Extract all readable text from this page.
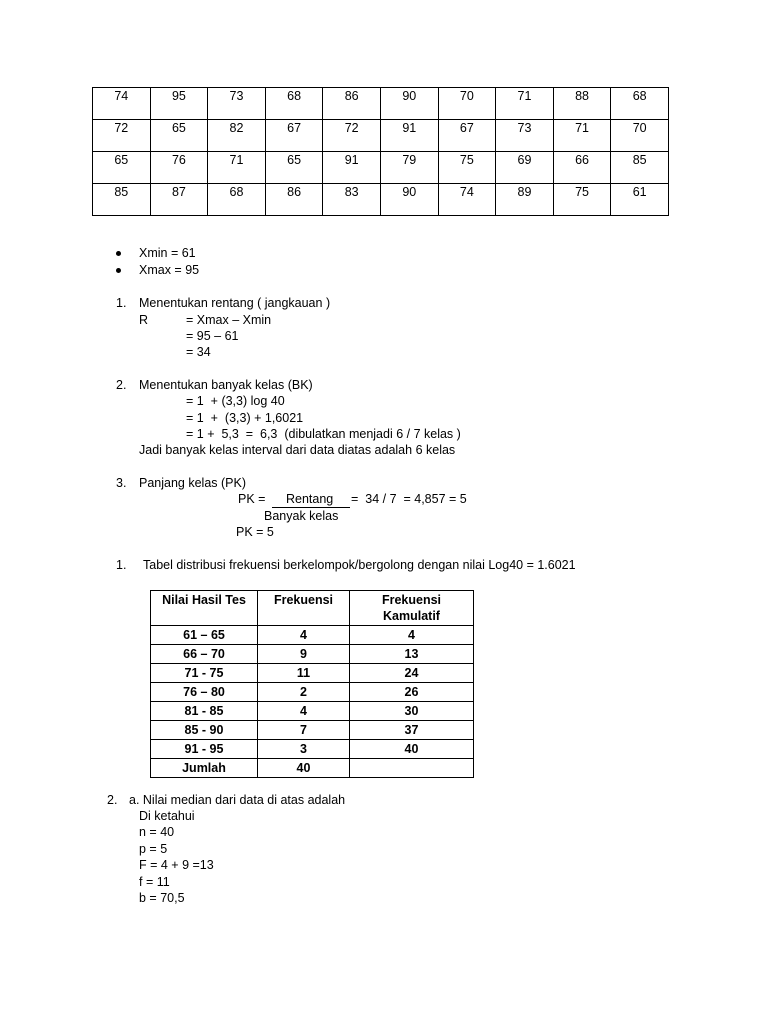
74	95	73	68	86	90	70	71	88	68
72	65	82	67	72	91	67	73	71	70
65	76	71	65	91	79	75	69	66	85
85	87	68	86	83	90	74	89	75	61
Xmin = 61
Xmax = 95
1. Menentukan rentang ( jangkauan )
R	= Xmax – Xmin
= 95 – 61
= 34
2. Menentukan banyak kelas (BK)
= 1  + (3,3) log 40
= 1  +  (3,3) + 1,6021
= 1 +  5,3  =  6,3  (dibulatkan menjadi 6 / 7 kelas )
Jadi banyak kelas interval dari data diatas adalah 6 kelas
3. Panjang kelas (PK)
PK = Rentang =  34 / 7  = 4,857 = 5
Banyak kelas
PK = 5
1. Tabel distribusi frekuensi berkelompok/bergolong dengan nilai Log40 = 1.6021
Nilai Hasil Tes	Frekuensi	Frekuensi Kamulatif
61 – 65	4	4
66 – 70	9	13
71 - 75	11	24
76 – 80	2	26
81 - 85	4	30
85 - 90	7	37
91 - 95	3	40
Jumlah	40	
2. a. Nilai median dari data di atas adalah
Di ketahui
n = 40
p = 5
F = 4 + 9 =13
f = 11
b = 70,5
